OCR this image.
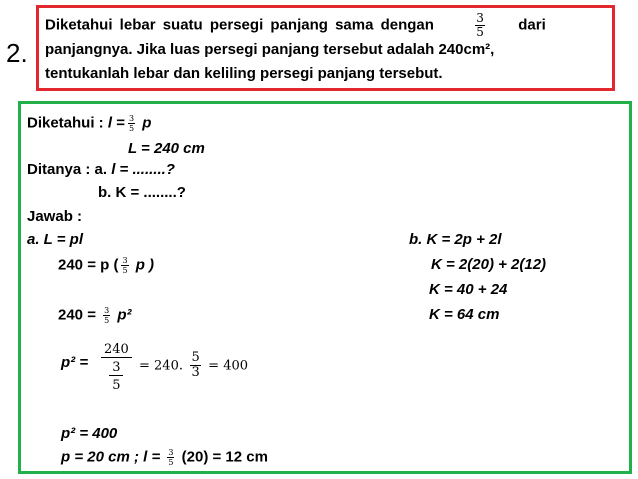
2.
Diketahui lebar suatu persegi panjang sama dengan	$\frac{3}{5}$ dari
panjangnya. Jika luas persegi panjang tersebut adalah 240cm²,
tentukanlah lebar dan keliling persegi panjang tersebut.
Diketahui : $l = \frac{3}{5}$ p
L = 240 cm
Ditanya : a. l = ........?
b. K = ........?
Jawab :
a. L = pl
240 = p ( $\frac{3}{5}$ p )
$240 = \frac{3}{5} p^2$
p² =
240
3
5
= 240. $\frac{5}{3} = 400$
p² = 400
p = 20 cm ; $l = \frac{3}{5} (20) = 12$ cm
b. K = 2p + 2l
K = 2(20) + 2(12)
K = 40 + 24
K = 64 cm
